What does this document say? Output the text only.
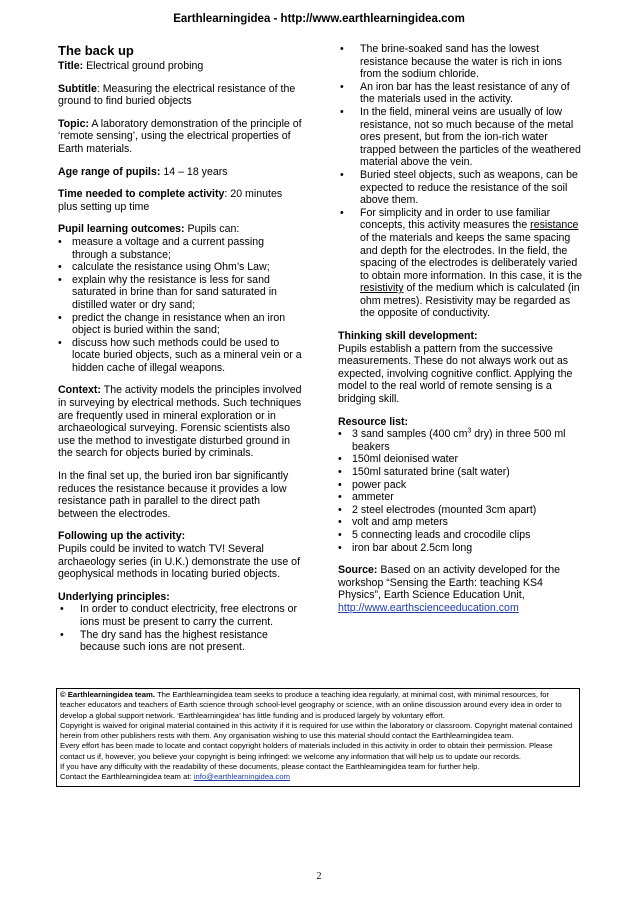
Earthlearningidea - http://www.earthlearningidea.com
The back up

Title: Electrical ground probing

Subtitle: Measuring the electrical resistance of the ground to find buried objects

Topic: A laboratory demonstration of the principle of ‘remote sensing’, using the electrical properties of Earth materials.

Age range of pupils: 14 – 18 years

Time needed to complete activity: 20 minutes plus setting up time

Pupil learning outcomes: Pupils can:
• measure a voltage and a current passing through a substance;
• calculate the resistance using Ohm’s Law;
• explain why the resistance is less for sand saturated in brine than for sand saturated in distilled water or dry sand;
• predict the change in resistance when an iron object is buried within the sand;
• discuss how such methods could be used to locate buried objects, such as a mineral vein or a hidden cache of illegal weapons.

Context: The activity models the principles involved in surveying by electrical methods. Such techniques are frequently used in mineral exploration or in archaeological surveying. Forensic scientists also use the method to investigate disturbed ground in the search for objects buried by criminals.

In the final set up, the buried iron bar significantly reduces the resistance because it provides a low resistance path in parallel to the direct path between the electrodes.

Following up the activity:

Pupils could be invited to watch TV! Several archaeology series (in U.K.) demonstrate the use of geophysical methods in locating buried objects.

Underlying principles:
• In order to conduct electricity, free electrons or ions must be present to carry the current.
• The dry sand has the highest resistance because such ions are not present.
• The brine-soaked sand has the lowest resistance because the water is rich in ions from the sodium chloride.
• An iron bar has the least resistance of any of the materials used in the activity.
• In the field, mineral veins are usually of low resistance, not so much because of the metal ores present, but from the ion-rich water trapped between the particles of the weathered material above the vein.
• Buried steel objects, such as weapons, can be expected to reduce the resistance of the soil above them.
• For simplicity and in order to use familiar concepts, this activity measures the resistance of the materials and keeps the same spacing and depth for the electrodes. In the field, the spacing of the electrodes is deliberately varied to obtain more information. In this case, it is the resistivity of the medium which is calculated (in ohm metres). Resistivity may be regarded as the opposite of conductivity.
Thinking skill development:

Pupils establish a pattern from the successive measurements. These do not always work out as expected, involving cognitive conflict. Applying the model to the real world of remote sensing is a bridging skill.

Resource list:
• 3 sand samples (400 $cm^3$ dry) in three 500 ml beakers
• 150ml deionised water
• 150ml saturated brine (salt water)
• power pack
• ammeter
• 2 steel electrodes (mounted 3cm apart)
• volt and amp meters
• 5 connecting leads and crocodile clips
• iron bar about 2.5cm long

Source: Based on an activity developed for the workshop “Sensing the Earth: teaching KS4 Physics”, Earth Science Education Unit,
http://www.earthscienceeducation.com

© Earthlearningidea team. The Earthlearningidea team seeks to produce a teaching idea regularly, at minimal cost, with minimal resources, for teacher educators and teachers of Earth science through school-level geography or science, with an online discussion around every idea in order to develop a global support network. ‘Earthlearningidea’ has little funding and is produced largely by voluntary effort.

Copyright is waived for original material contained in this activity if it is required for use within the laboratory or classroom. Copyright material contained herein from other publishers rests with them. Any organisation wishing to use this material should contact the Earthlearningidea team.

Every effort has been made to locate and contact copyright holders of materials included in this activity in order to obtain their permission. Please contact us if, however, you believe your copyright is being infringed: we welcome any information that will help us to update our records.

If you have any difficulty with the readability of these documents, please contact the Earthlearningidea team for further help.

Contact the Earthlearningidea team at: info@earthlearningidea.com

2
